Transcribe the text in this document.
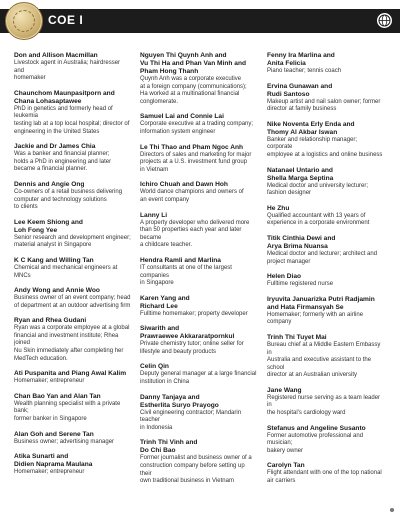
COE I
Don and Allison Macmillan
Livestock agent in Australia; hairdresser and
homemaker
Chaunchom Maunpasitporn and
Chana Lohasaptawee
PhD in genetics and formerly head of leukemia
testing lab at a top local hospital; director of
engineering in the United States
Jackie and Dr James Chia
Was a banker and financial planner;
holds a PhD in engineering and later
became a financial planner.
Dennis and Angie Ong
Co-owners of a retail business delivering
computer and technology solutions
to clients
Lee Keem Shiong and
Loh Fong Yee
Senior research and development engineer;
material analyst in Singapore
K C Kang and Willing Tan
Chemical and mechanical engineers at MNCs
Andy Wong and Annie Woo
Business owner of an event company; head
of department at an outdoor advertising firm
Ryan and Rhea Gudani
Ryan was a corporate employee at a global
financial and investment institute; Rhea joined
Nu Skin immediately after completing her
MedTech education.
Ati Puspanita and Piang Awal Kalim
Homemaker; entrepreneur
Chan Bao Yan and Alan Tan
Wealth planning specialist with a private bank;
former banker in Singapore
Alan Goh and Serene Tan
Business owner; advertising manager
Atika Sunarti and
Didien Naprama Maulana
Homemaker; entrepreneur
Nguyen Thi Quynh Anh and
Vu Thi Ha and Phan Van Minh and
Pham Hong Thanh
Quynh Anh was a corporate executive
at a foreign company (communications);
Ha worked at a multinational financial
conglomerate.
Samuel Lai and Connie Lai
Corporate executive at a trading company;
information system engineer
Le Thi Thao and Pham Ngoc Anh
Directors of sales and marketing for major
projects at a U.S. investment fund group
in Vietnam
Ichiro Chuah and Dawn Hoh
World dance champions and owners of
an event company
Lanny Li
A property developer who delivered more
than 50 properties each year and later became
a childcare teacher.
Hendra Ramli and Marlina
IT consultants at one of the largest companies
in Singapore
Karen Yang and
Richard Lee
Fulltime homemaker; property developer
Siwarith and
Prawraewee Akkararatpornkul
Private chemistry tutor; online seller for
lifestyle and beauty products
Celin Qin
Deputy general manager at a large financial
institution in China
Danny Tanjaya and
Estherlita Suryo Prayogo
Civil engineering contractor; Mandarin teacher
in Indonesia
Trinh Thi Vinh and
Do Chi Bao
Former journalist and business owner of a
construction company before setting up their
own traditional business in Vietnam
Fenny Ira Marlina and
Anita Felicia
Piano teacher; tennis coach
Ervina Gunawan and
Rudi Santoso
Makeup artist and nail salon owner; former
director at family business
Nike Noventa Erly Enda and
Thomy Al Akbar Iswan
Banker and relationship manager; corporate
employee at a logistics and online business
Natanael Untario and
Shella Marga Septina
Medical doctor and university lecturer;
fashion designer
He Zhu
Qualified accountant with 13 years of
experience in a corporate environment
Titik Cinthia Dewi and
Arya Brima Nuansa
Medical doctor and lecturer; architect and
project manager
Helen Diao
Fulltime registered nurse
Iryuvita Januarizka Putri Radjamin
and Hata Firmansyah Se
Homemaker; formerly with an airline company
Trinh Thi Tuyet Mai
Bureau chief at a Middle Eastern Embassy in
Australia and executive assistant to the school
director at an Australian university
Jane Wang
Registered nurse serving as a team leader in
the hospital's cardiology ward
Stefanus and Angeline Susanto
Former automotive professional and musician;
bakery owner
Carolyn Tan
Flight attendant with one of the top national
air carriers
